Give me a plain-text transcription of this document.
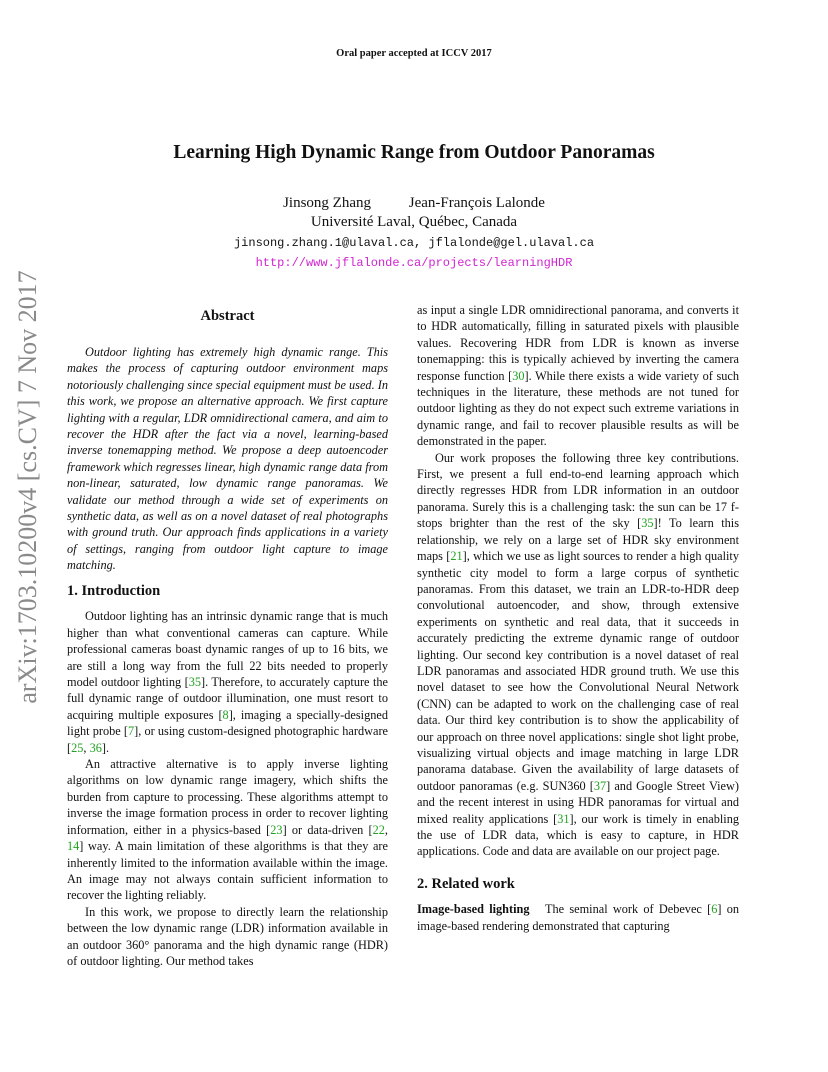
Oral paper accepted at ICCV 2017
Learning High Dynamic Range from Outdoor Panoramas
Jinsong Zhang	Jean-François Lalonde
Université Laval, Québec, Canada
jinsong.zhang.1@ulaval.ca, jflalonde@gel.ulaval.ca
http://www.jflalonde.ca/projects/learningHDR
arXiv:1703.10200v4 [cs.CV] 7 Nov 2017	Abstract

Outdoor lighting has extremely high dynamic range. This makes the process of capturing outdoor environment maps notoriously challenging since special equipment must be used. In this work, we propose an alternative approach. We first capture lighting with a regular, LDR omnidirectional camera, and aim to recover the HDR after the fact via a novel, learning-based inverse tonemapping method. We propose a deep autoencoder framework which regresses linear, high dynamic range data from non-linear, saturated, low dynamic range panoramas. We validate our method through a wide set of experiments on synthetic data, as well as on a novel dataset of real photographs with ground truth. Our approach finds applications in a variety of settings, ranging from outdoor light capture to image matching.

1. Introduction

Outdoor lighting has an intrinsic dynamic range that is much higher than what conventional cameras can capture. While professional cameras boast dynamic ranges of up to 16 bits, we are still a long way from the full 22 bits needed to properly model outdoor lighting [35]. Therefore, to accurately capture the full dynamic range of outdoor illumination, one must resort to acquiring multiple exposures [8], imaging a specially-designed light probe [7], or using custom-designed photographic hardware [25, 36].

An attractive alternative is to apply inverse lighting algorithms on low dynamic range imagery, which shifts the burden from capture to processing. These algorithms attempt to inverse the image formation process in order to recover lighting information, either in a physics-based [23] or data-driven [22, 14] way. A main limitation of these algorithms is that they are inherently limited to the information available within the image. An image may not always contain sufficient information to recover the lighting reliably.

In this work, we propose to directly learn the relationship between the low dynamic range (LDR) information available in an outdoor 360° panorama and the high dynamic range (HDR) of outdoor lighting. Our method takes

as input a single LDR omnidirectional panorama, and converts it to HDR automatically, filling in saturated pixels with plausible values. Recovering HDR from LDR is known as inverse tonemapping: this is typically achieved by inverting the camera response function [30]. While there exists a wide variety of such techniques in the literature, these methods are not tuned for outdoor lighting as they do not expect such extreme variations in dynamic range, and fail to recover plausible results as will be demonstrated in the paper.

Our work proposes the following three key contributions. First, we present a full end-to-end learning approach which directly regresses HDR from LDR information in an outdoor panorama. Surely this is a challenging task: the sun can be 17 f-stops brighter than the rest of the sky [35]! To learn this relationship, we rely on a large set of HDR sky environment maps [21], which we use as light sources to render a high quality synthetic city model to form a large corpus of synthetic panoramas. From this dataset, we train an LDR-to-HDR deep convolutional autoencoder, and show, through extensive experiments on synthetic and real data, that it succeeds in accurately predicting the extreme dynamic range of outdoor lighting. Our second key contribution is a novel dataset of real LDR panoramas and associated HDR ground truth. We use this novel dataset to see how the Convolutional Neural Network (CNN) can be adapted to work on the challenging case of real data. Our third key contribution is to show the applicability of our approach on three novel applications: single shot light probe, visualizing virtual objects and image matching in large LDR panorama database. Given the availability of large datasets of outdoor panoramas (e.g. SUN360 [37] and Google Street View) and the recent interest in using HDR panoramas for virtual and mixed reality applications [31], our work is timely in enabling the use of LDR data, which is easy to capture, in HDR applications. Code and data are available on our project page.

2. Related work

Image-based lighting The seminal work of Debevec [6] on image-based rendering demonstrated that capturing
